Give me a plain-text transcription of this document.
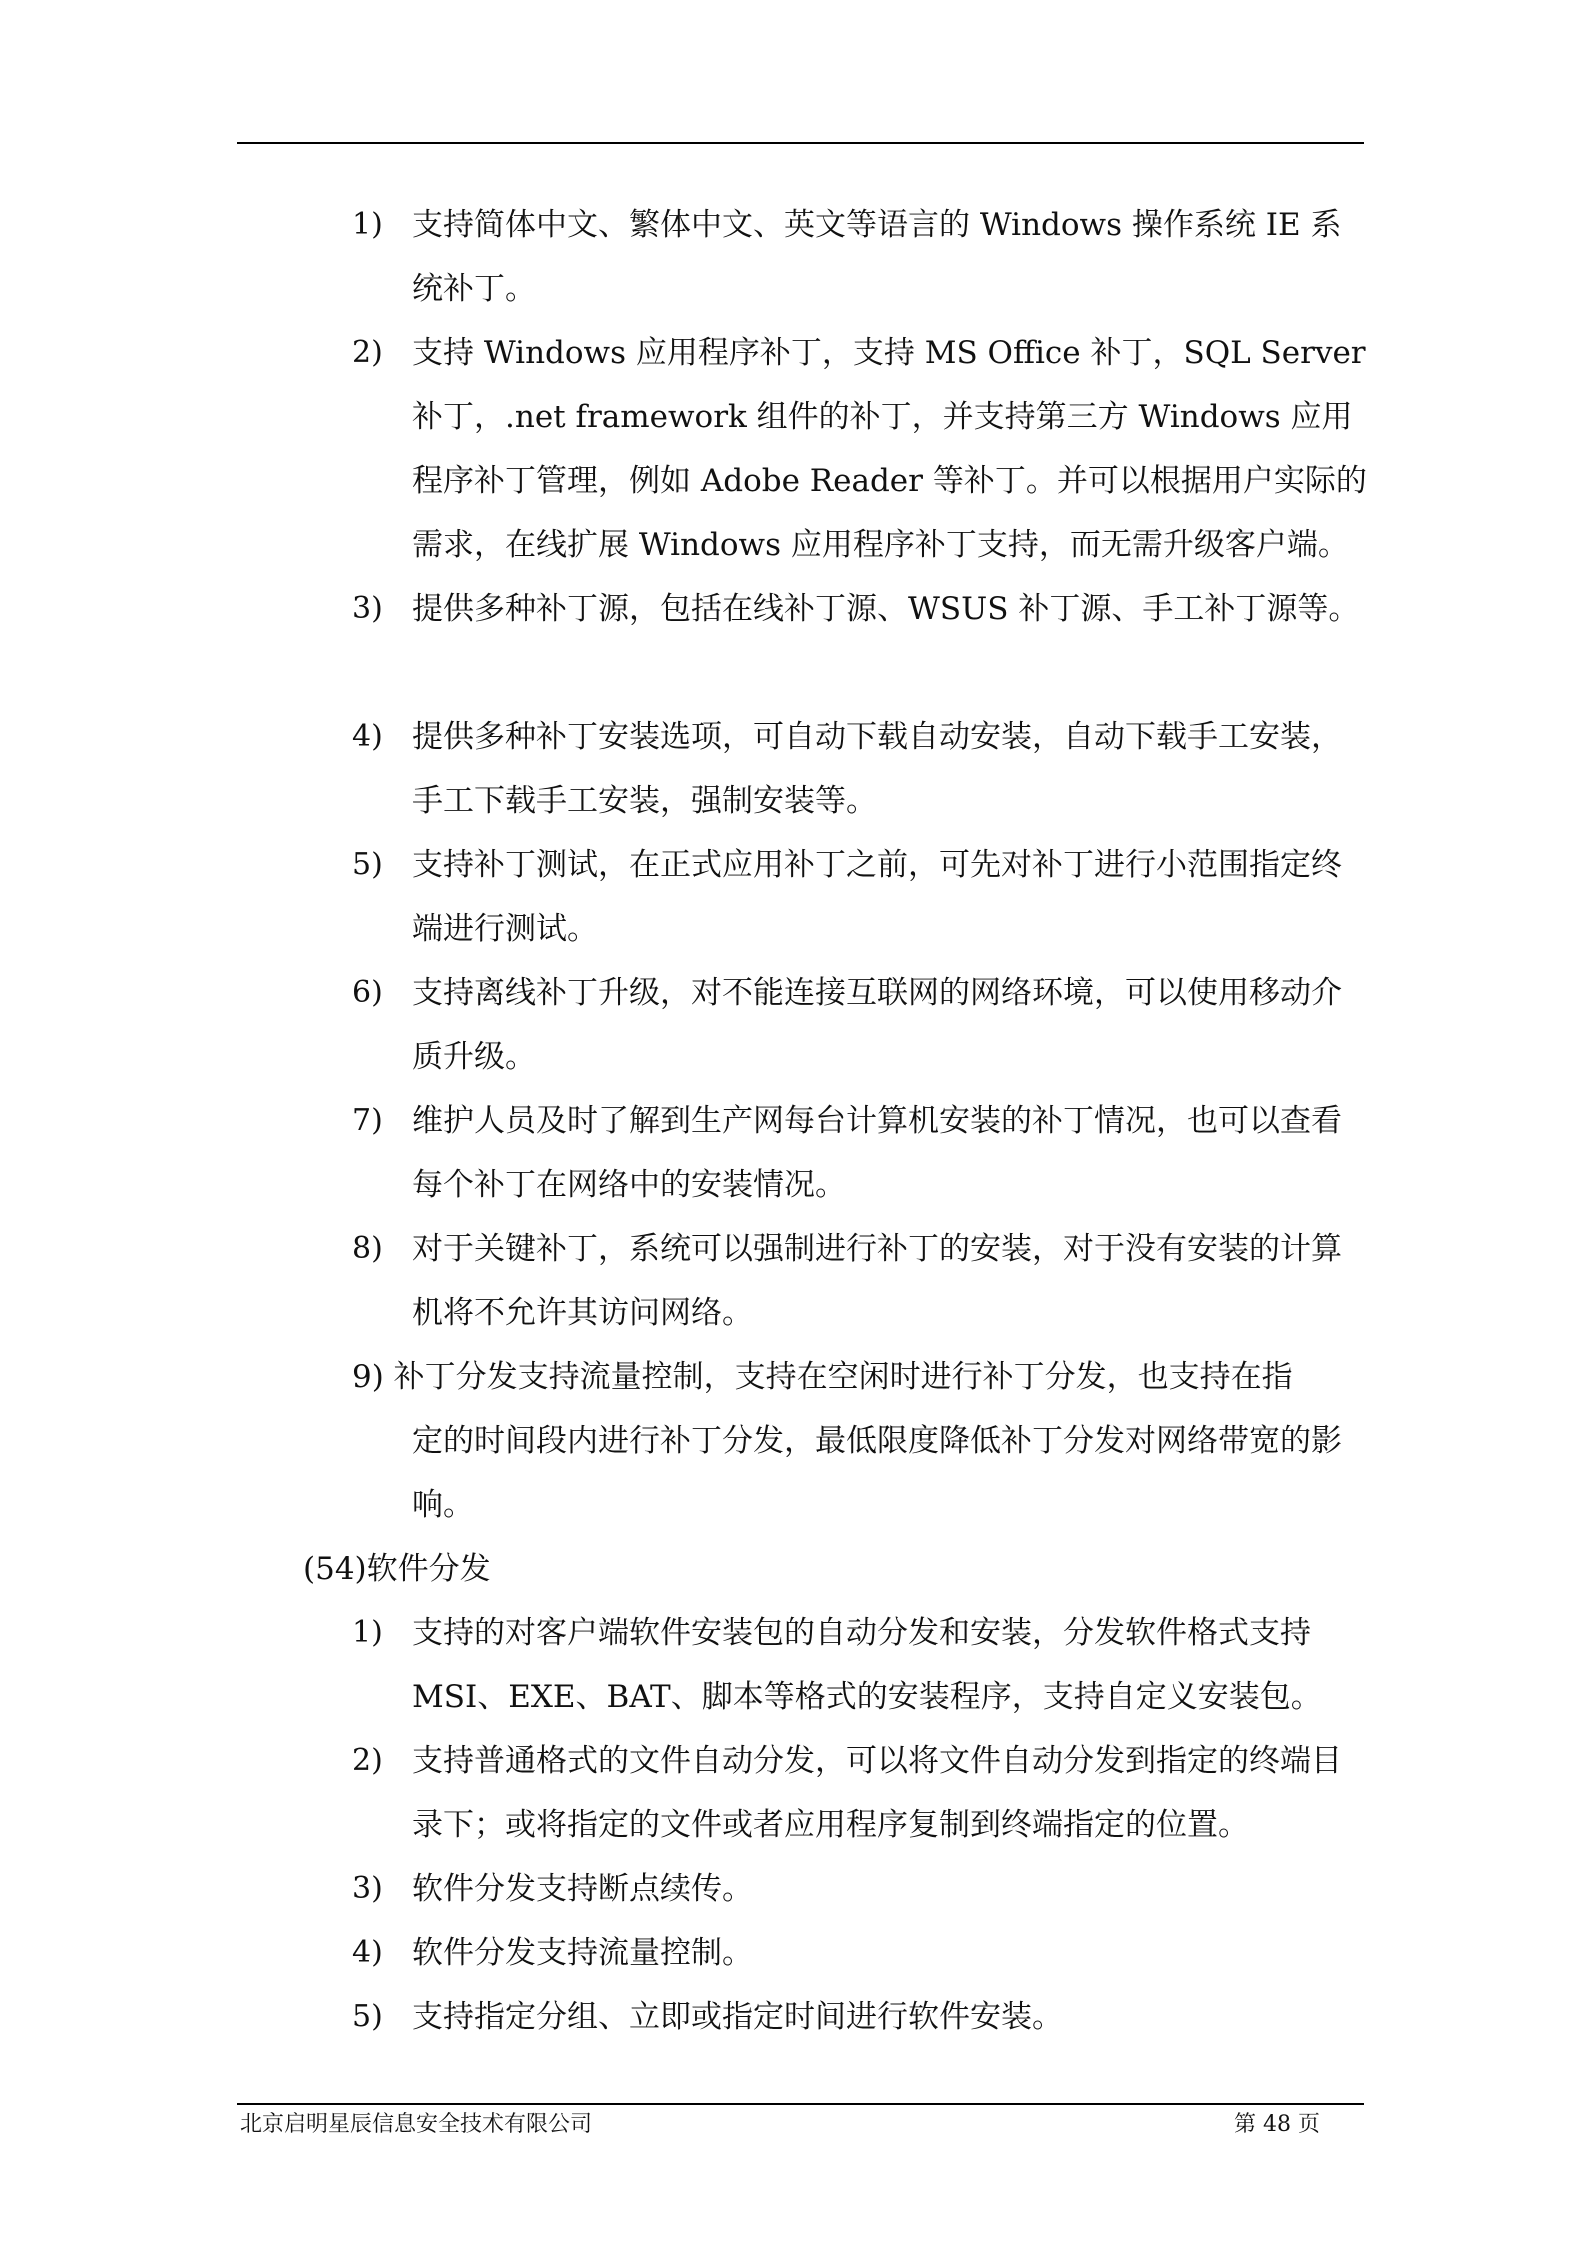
1) 支持简体中文、繁体中文、英文等语言的 Windows 操作系统 IE 系统补丁。
2) 支持 Windows 应用程序补丁，支持 MS Office 补丁，SQL Server 补丁，.net framework 组件的补丁，并支持第三方 Windows 应用程序补丁管理，例如 Adobe Reader 等补丁。并可以根据用户实际的需求，在线扩展 Windows 应用程序补丁支持，而无需升级客户端。
3) 提供多种补丁源，包括在线补丁源、WSUS 补丁源、手工补丁源等。
4) 提供多种补丁安装选项，可自动下载自动安装，自动下载手工安装，手工下载手工安装，强制安装等。
5) 支持补丁测试，在正式应用补丁之前，可先对补丁进行小范围指定终端进行测试。
6) 支持离线补丁升级，对不能连接互联网的网络环境，可以使用移动介质升级。
7) 维护人员及时了解到生产网每台计算机安装的补丁情况，也可以查看每个补丁在网络中的安装情况。
8) 对于关键补丁，系统可以强制进行补丁的安装，对于没有安装的计算机将不允许其访问网络。
9) 补丁分发支持流量控制，支持在空闲时进行补丁分发，也支持在指
定的时间段内进行补丁分发，最低限度降低补丁分发对网络带宽的影响。
(54)软件分发
1) 支持的对客户端软件安装包的自动分发和安装，分发软件格式支持 MSI、EXE、BAT、脚本等格式的安装程序，支持自定义安装包。
2) 支持普通格式的文件自动分发，可以将文件自动分发到指定的终端目录下；或将指定的文件或者应用程序复制到终端指定的位置。
3) 软件分发支持断点续传。
4) 软件分发支持流量控制。
5) 支持指定分组、立即或指定时间进行软件安装。
北京启明星辰信息安全技术有限公司	第 48 页
